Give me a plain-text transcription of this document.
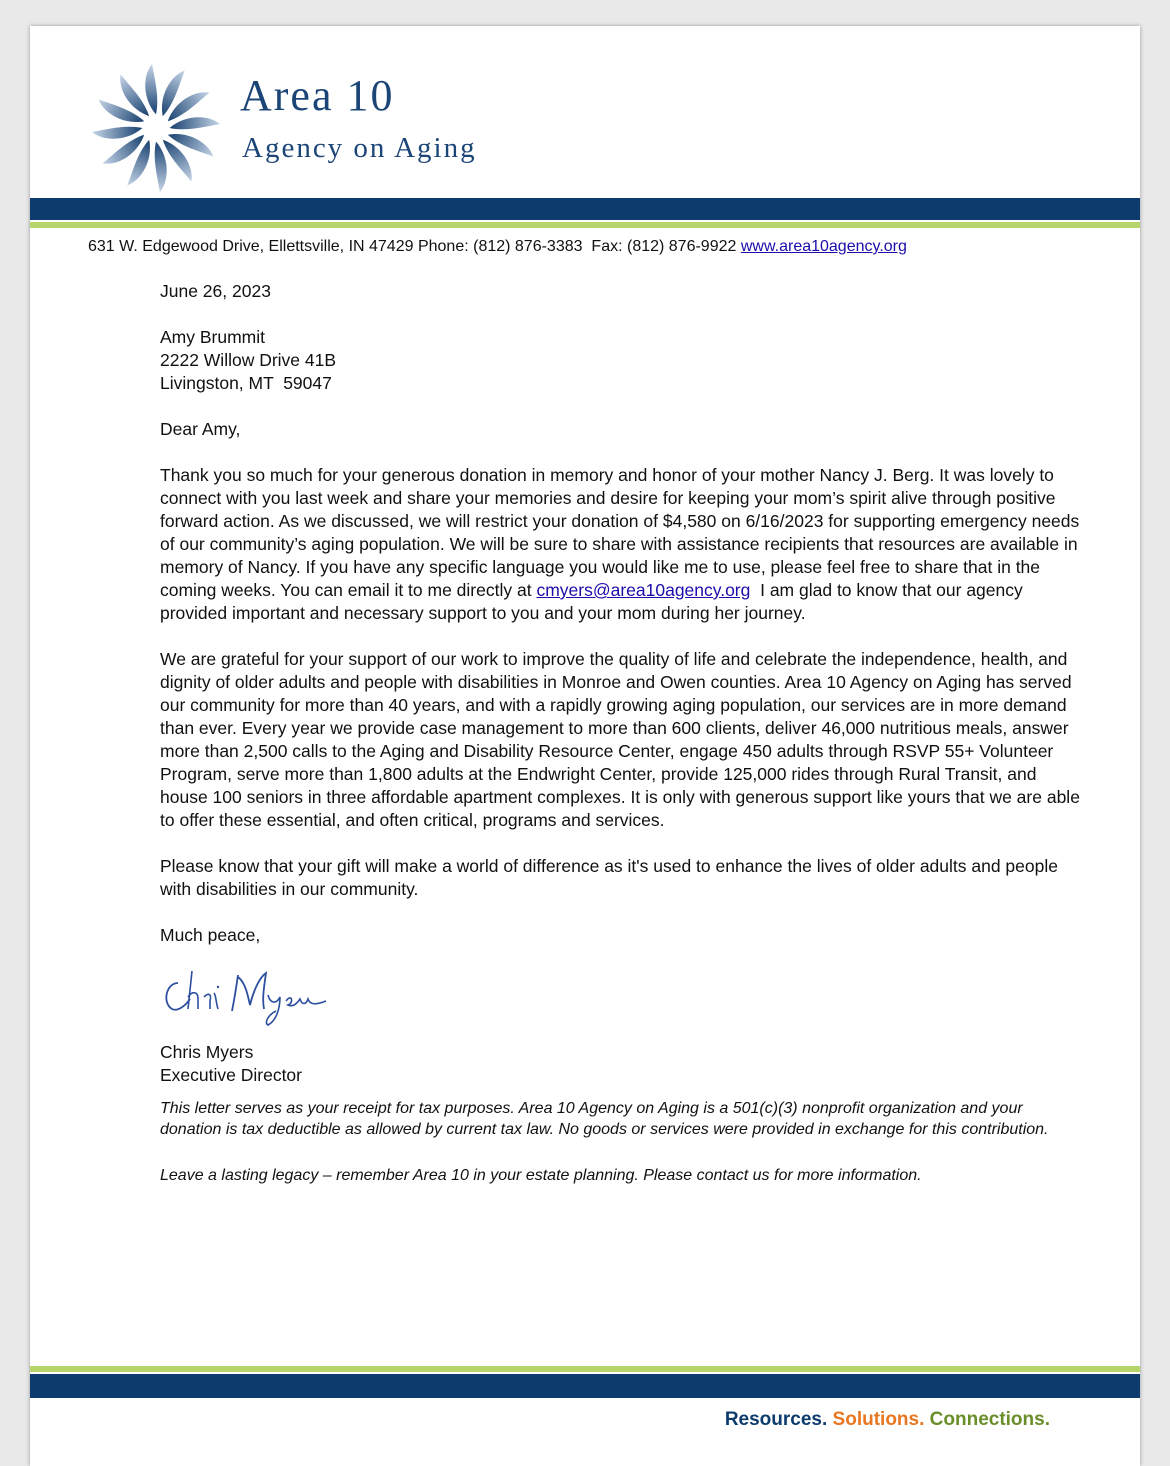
Area 10
Agency on Aging
631 W. Edgewood Drive, Ellettsville, IN 47429 Phone: (812) 876-3383 Fax: (812) 876-9922 www.area10agency.org

June 26, 2023

Amy Brummit

2222 Willow Drive 41B

Livingston, MT  59047

Dear Amy,

Thank you so much for your generous donation in memory and honor of your mother Nancy J. Berg. It was lovely to connect with you last week and share your memories and desire for keeping your mom’s spirit alive through positive forward action. As we discussed, we will restrict your donation of $4,580 on 6/16/2023 for supporting emergency needs of our community’s aging population. We will be sure to share with assistance recipients that resources are available in memory of Nancy. If you have any specific language you would like me to use, please feel free to share that in the coming weeks. You can email it to me directly at cmyers@area10agency.org  I am glad to know that our agency provided important and necessary support to you and your mom during her journey.

We are grateful for your support of our work to improve the quality of life and celebrate the independence, health, and dignity of older adults and people with disabilities in Monroe and Owen counties. Area 10 Agency on Aging has served our community for more than 40 years, and with a rapidly growing aging population, our services are in more demand than ever. Every year we provide case management to more than 600 clients, deliver 46,000 nutritious meals, answer more than 2,500 calls to the Aging and Disability Resource Center, engage 450 adults through RSVP 55+ Volunteer Program, serve more than 1,800 adults at the Endwright Center, provide 125,000 rides through Rural Transit, and house 100 seniors in three affordable apartment complexes. It is only with generous support like yours that we are able to offer these essential, and often critical, programs and services.

Please know that your gift will make a world of difference as it's used to enhance the lives of older adults and people with disabilities in our community.

Much peace,

Chris Myers

Executive Director

This letter serves as your receipt for tax purposes. Area 10 Agency on Aging is a 501(c)(3) nonprofit organization and your donation is tax deductible as allowed by current tax law. No goods or services were provided in exchange for this contribution.

Leave a lasting legacy – remember Area 10 in your estate planning. Please contact us for more information.

Resources. Solutions. Connections.
